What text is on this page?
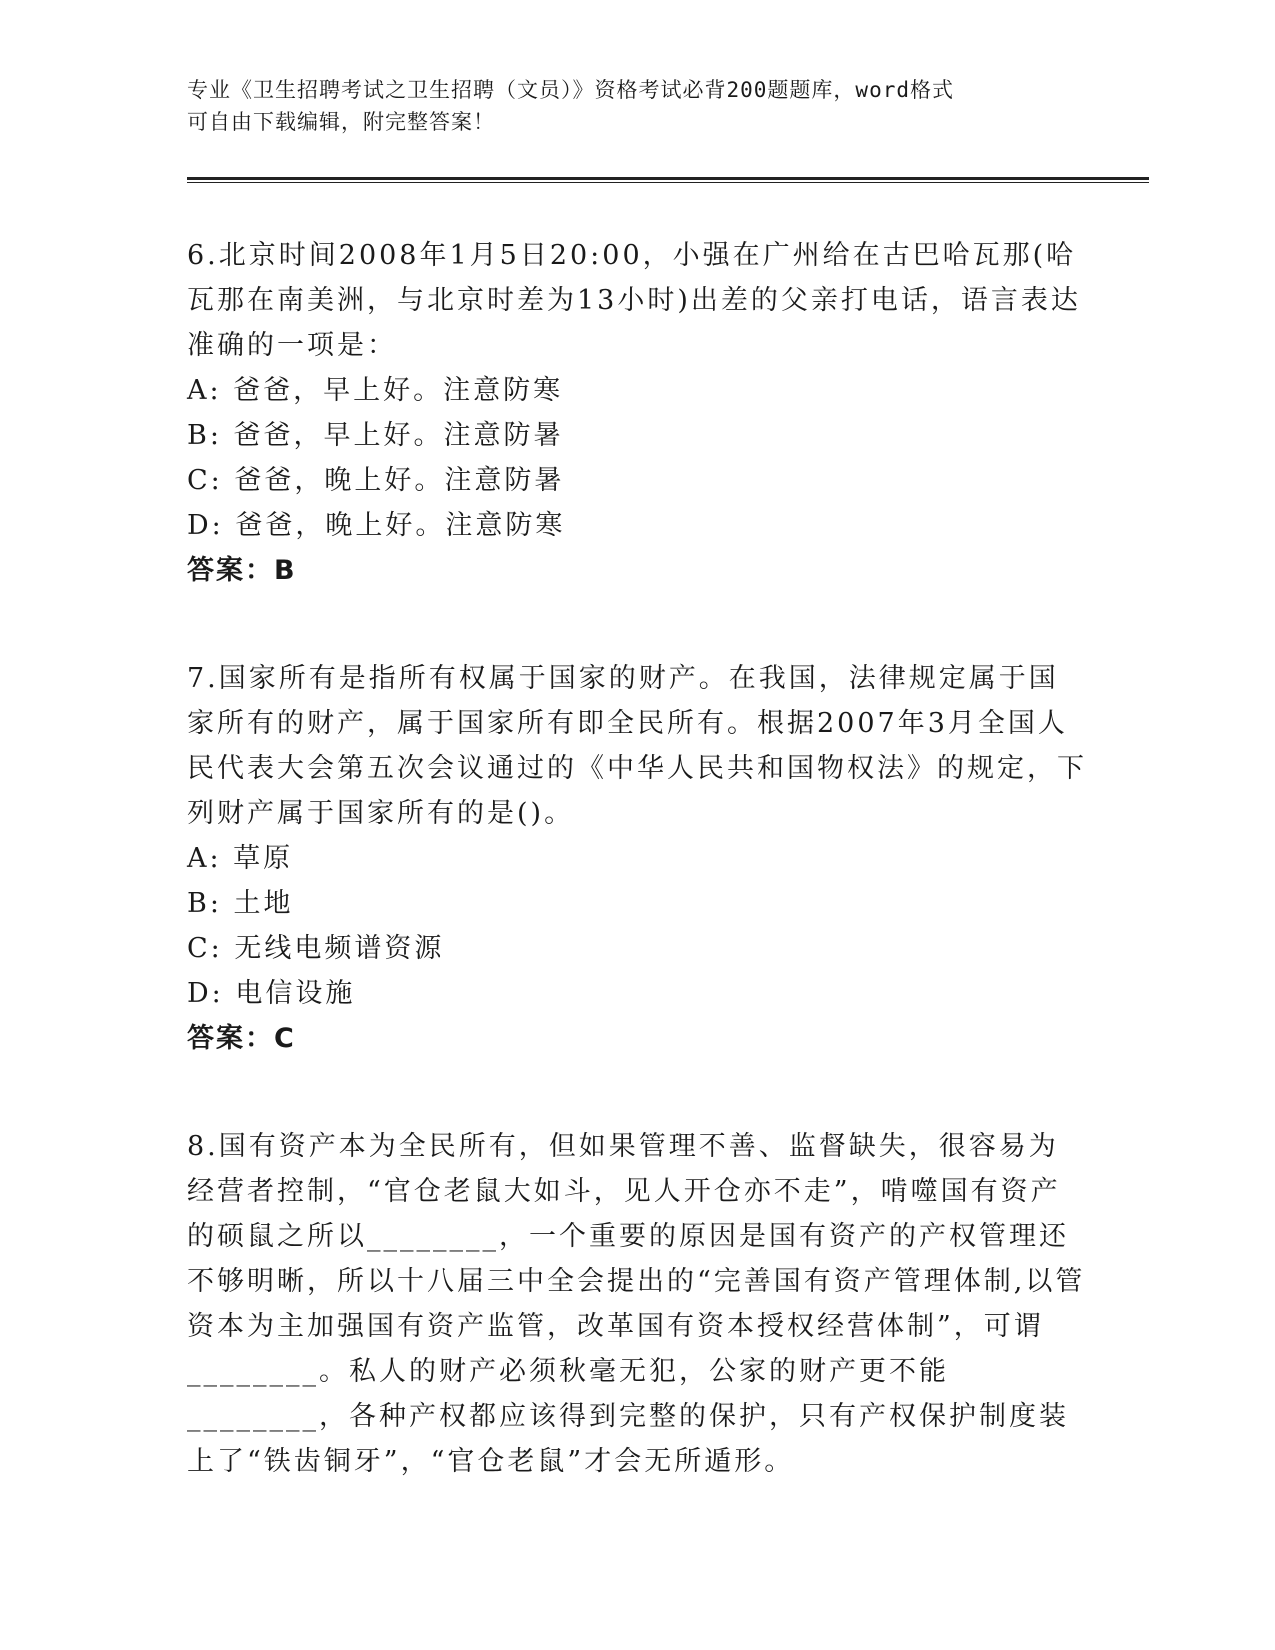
专业《卫生招聘考试之卫生招聘（文员）》资格考试必背200题题库，word格式
可自由下载编辑，附完整答案！

6.北京时间2008年1月5日20:00，小强在广州给在古巴哈瓦那(哈瓦那在南美洲，与北京时差为13小时)出差的父亲打电话，语言表达准确的一项是：

A: 爸爸，早上好。注意防寒

B: 爸爸，早上好。注意防暑

C: 爸爸，晚上好。注意防暑

D: 爸爸，晚上好。注意防寒

答案：B

7.国家所有是指所有权属于国家的财产。在我国，法律规定属于国家所有的财产，属于国家所有即全民所有。根据2007年3月全国人民代表大会第五次会议通过的《中华人民共和国物权法》的规定，下列财产属于国家所有的是()。

A: 草原

B: 土地

C: 无线电频谱资源

D: 电信设施

答案：C

8.国有资产本为全民所有，但如果管理不善、监督缺失，很容易为经营者控制，“官仓老鼠大如斗，见人开仓亦不走”，啃噬国有资产的硕鼠之所以________，一个重要的原因是国有资产的产权管理还不够明晰，所以十八届三中全会提出的“完善国有资产管理体制,以管资本为主加强国有资产监管，改革国有资本授权经营体制”，可谓________。私人的财产必须秋毫无犯，公家的财产更不能________，各种产权都应该得到完整的保护，只有产权保护制度装上了“铁齿铜牙”，“官仓老鼠”才会无所遁形。
